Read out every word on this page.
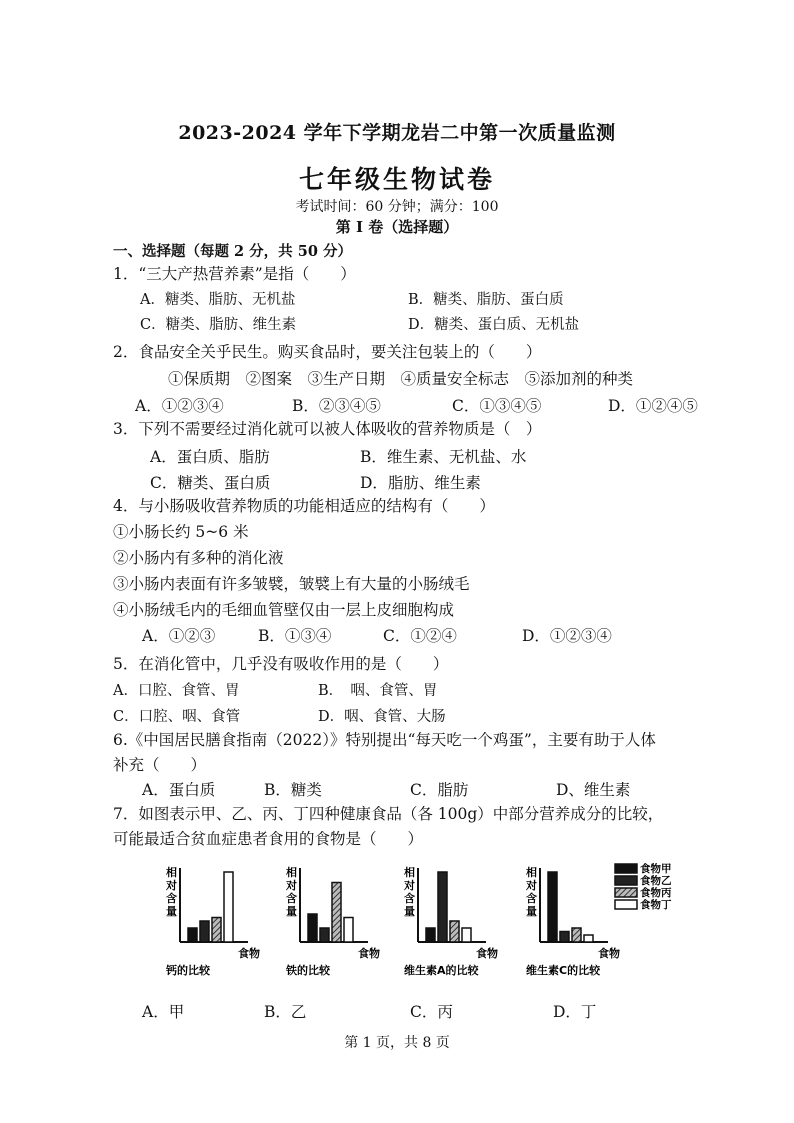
2023-2024 学年下学期龙岩二中第一次质量监测
七年级生物试卷
考试时间：60 分钟；满分：100
第 I 卷（选择题）
一、选择题（每题 2 分，共 50 分）
1．“三大产热营养素”是指（　　）
A．糖类、脂肪、无机盐	B．糖类、脂肪、蛋白质
C．糖类、脂肪、维生素	D．糖类、蛋白质、无机盐
2．食品安全关乎民生。购买食品时，要关注包装上的（　　）
①保质期　②图案　③生产日期　④质量安全标志　⑤添加剂的种类
A．①②③④	B．②③④⑤	C．①③④⑤	D．①②④⑤
3．下列不需要经过消化就可以被人体吸收的营养物质是（　）
A．蛋白质、脂肪	B．维生素、无机盐、水
C．糖类、蛋白质	D．脂肪、维生素
4．与小肠吸收营养物质的功能相适应的结构有（　　）
①小肠长约 5~6 米
②小肠内有多种的消化液
③小肠内表面有许多皱襞，皱襞上有大量的小肠绒毛
④小肠绒毛内的毛细血管壁仅由一层上皮细胞构成
A．①②③	B．①③④	C．①②④	D．①②③④
5．在消化管中，几乎没有吸收作用的是（　　）
A．口腔、食管、胃	B．　咽、食管、胃
C．口腔、咽、食管	D．咽、食管、大肠
6.《中国居民膳食指南（2022）》特别提出“每天吃一个鸡蛋”，主要有助于人体
补充（　　）
A．蛋白质	B．糖类	C．脂肪	D、维生素
7．如图表示甲、乙、丙、丁四种健康食品（各 100g）中部分营养成分的比较，
可能最适合贫血症患者食用的食物是（　　）
相
对
含
量
食物
钙的比较
相
对
含
量
食物
铁的比较
相
对
含
量
食物
维生素A的比较
相
对
含
量
食物
维生素C的比较
食物甲
食物乙
食物丙
食物丁
A．甲	B．乙	C．丙	D．丁
第 1 页，共 8 页
